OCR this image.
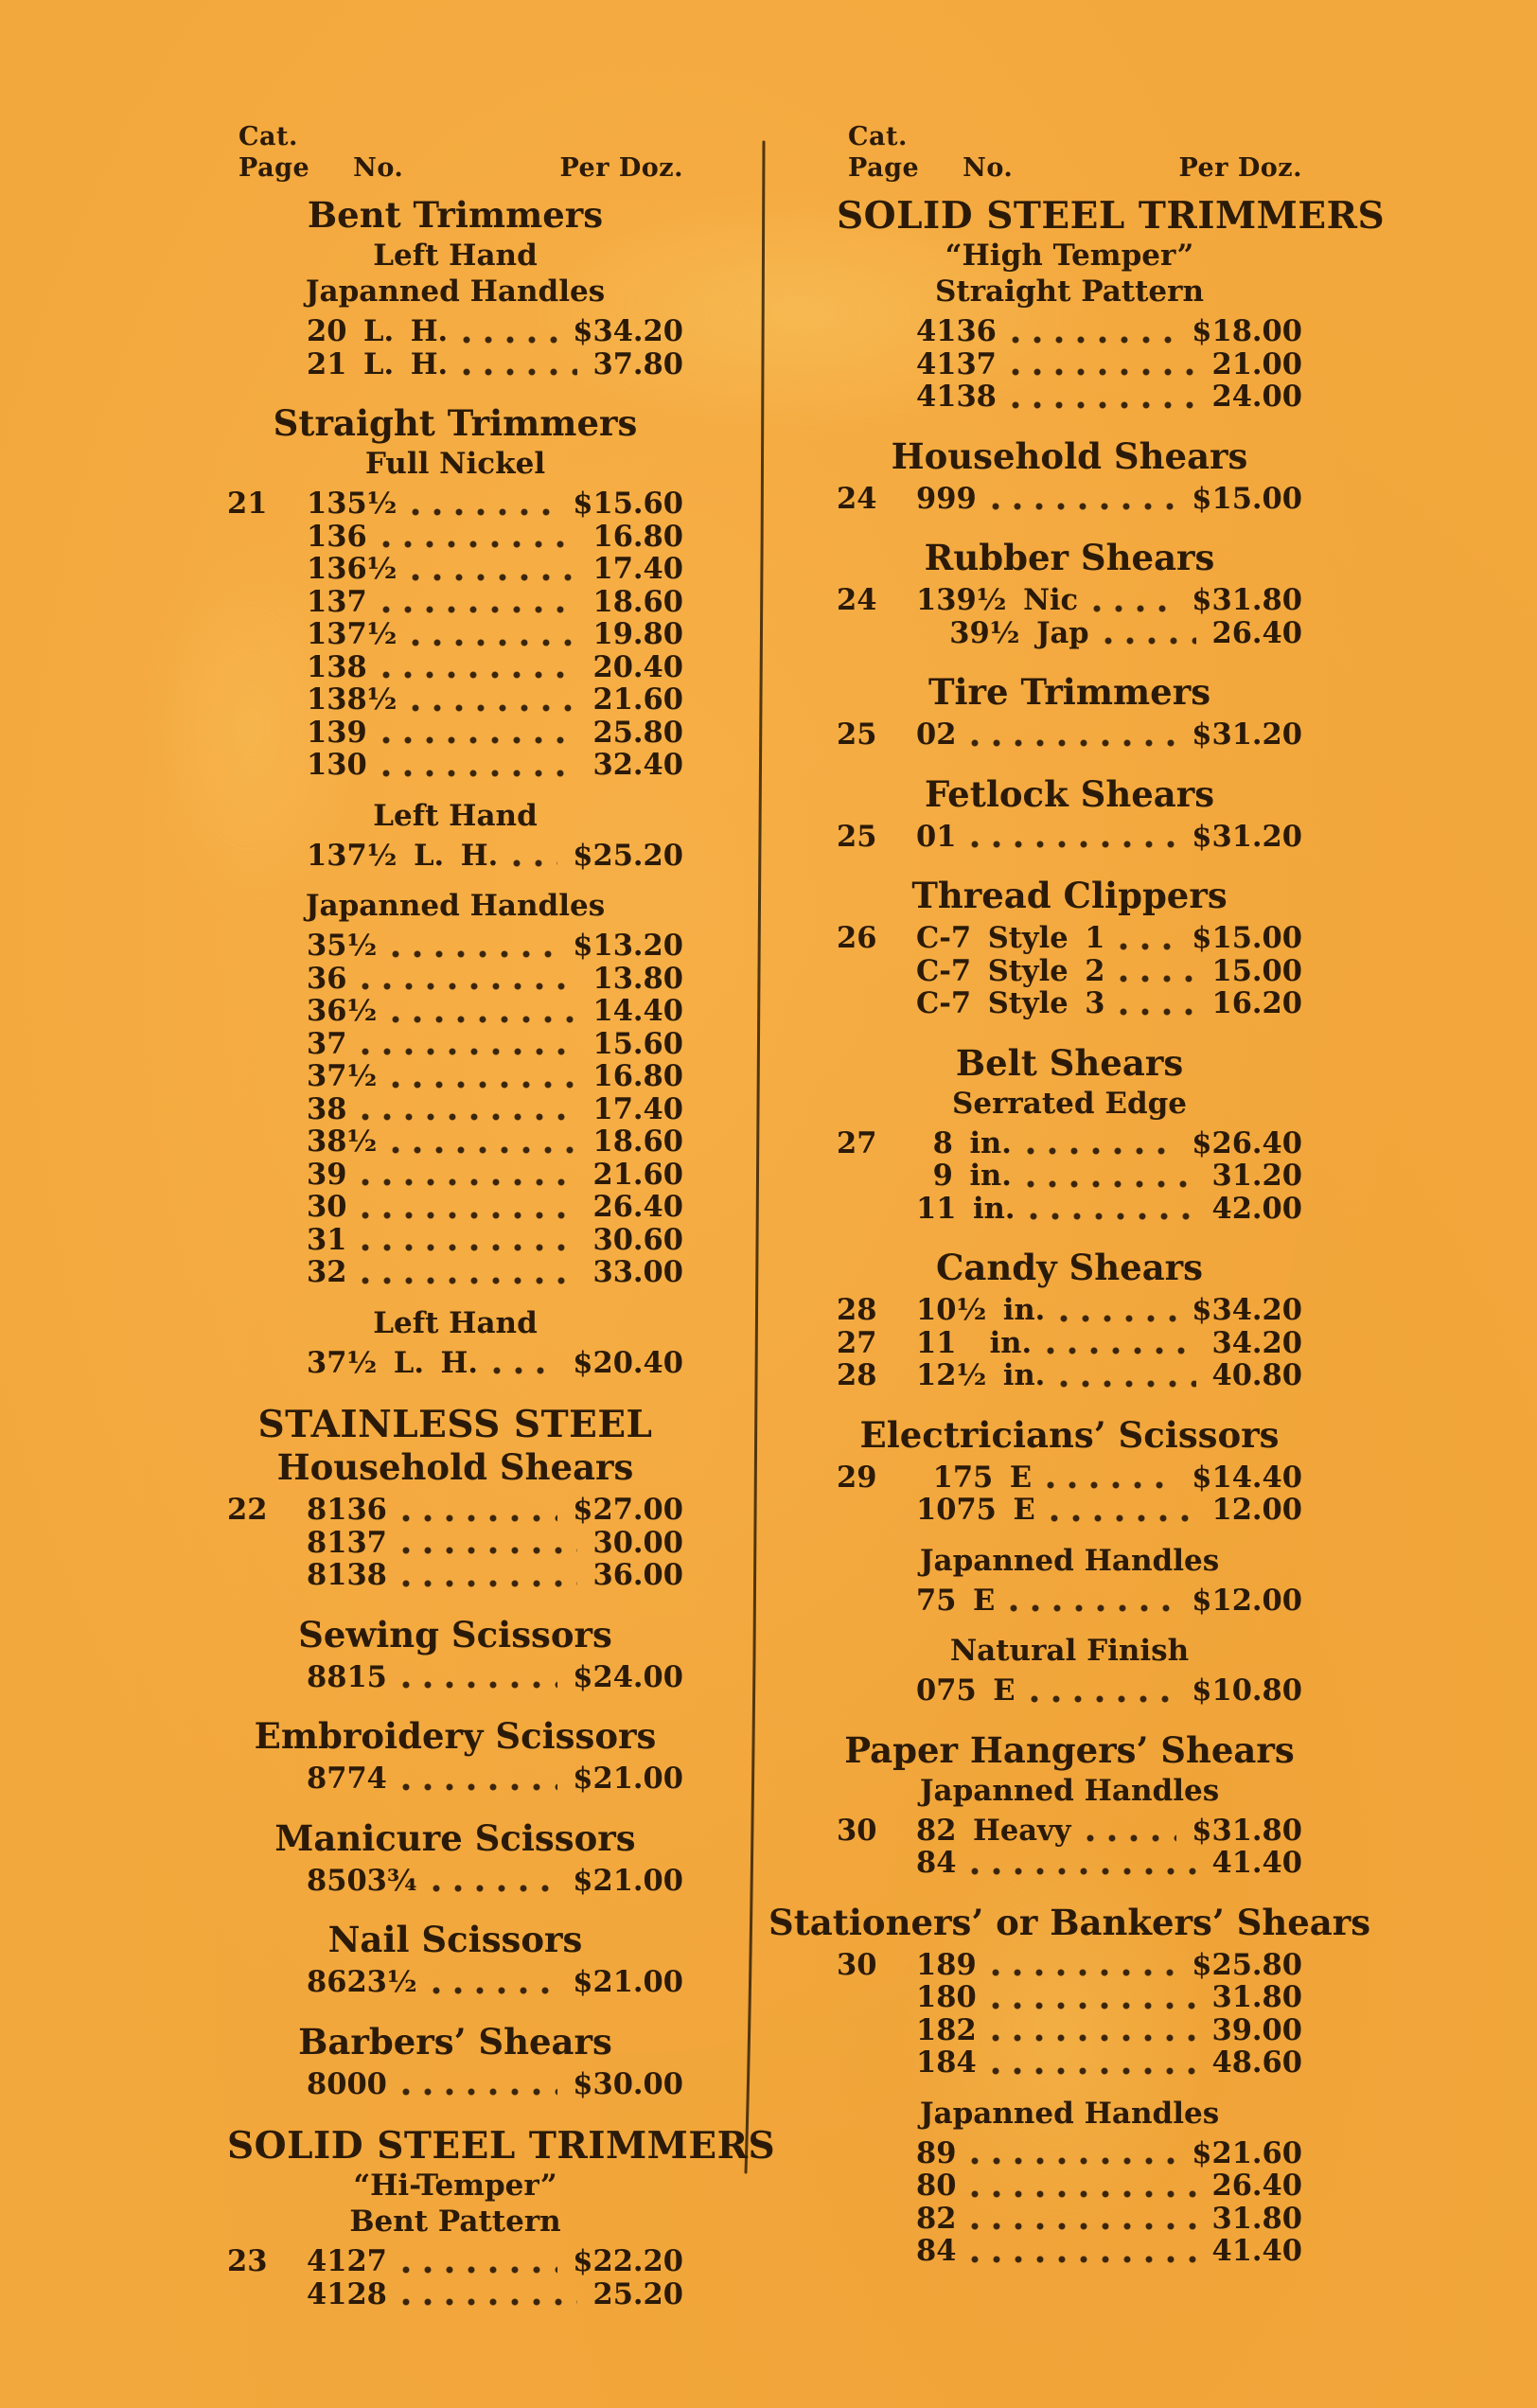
Cat.
Page No.	Per Doz.
Bent Trimmers
Left Hand
Japanned Handles
20 L. H.	$34.20
21 L. H.	37.80
Straight Trimmers
Full Nickel
21	135½	$15.60
136	16.80
136½	17.40
137	18.60
137½	19.80
138	20.40
138½	21.60
139	25.80
130	32.40
Left Hand
137½ L. H.	$25.20
Japanned Handles
35½	$13.20
36	13.80
36½	14.40
37	15.60
37½	16.80
38	17.40
38½	18.60
39	21.60
30	26.40
31	30.60
32	33.00
Left Hand
37½ L. H.	$20.40
STAINLESS STEEL
Household Shears
22	8136	$27.00
8137	30.00
8138	36.00
Sewing Scissors
8815	$24.00
Embroidery Scissors
8774	$21.00
Manicure Scissors
8503¾	$21.00
Nail Scissors
8623½	$21.00
Barbers’ Shears
8000	$30.00
SOLID STEEL TRIMMERS
“Hi-Temper”
Bent Pattern
23	4127	$22.20
4128	25.20
Cat.
Page No.	Per Doz.
SOLID STEEL TRIMMERS
“High Temper”
Straight Pattern
4136	$18.00
4137	21.00
4138	24.00
Household Shears
24	999	$15.00
Rubber Shears
24	139½ Nic	$31.80
39½ Jap	26.40
Tire Trimmers
25	02	$31.20
Fetlock Shears
25	01	$31.20
Thread Clippers
26	C-7 Style 1	$15.00
C-7 Style 2	15.00
C-7 Style 3	16.20
Belt Shears
Serrated Edge
27	8 in.	$26.40
9 in.	31.20
11 in.	42.00
Candy Shears
28	10½ in.	$34.20
27	11  in.	34.20
28	12½ in.	40.80
Electricians’ Scissors
29	175 E	$14.40
1075 E	12.00
Japanned Handles
75 E	$12.00
Natural Finish
075 E	$10.80
Paper Hangers’ Shears
Japanned Handles
30	82 Heavy	$31.80
84	41.40
Stationers’ or Bankers’ Shears
30	189	$25.80
180	31.80
182	39.00
184	48.60
Japanned Handles
89	$21.60
80	26.40
82	31.80
84	41.40
